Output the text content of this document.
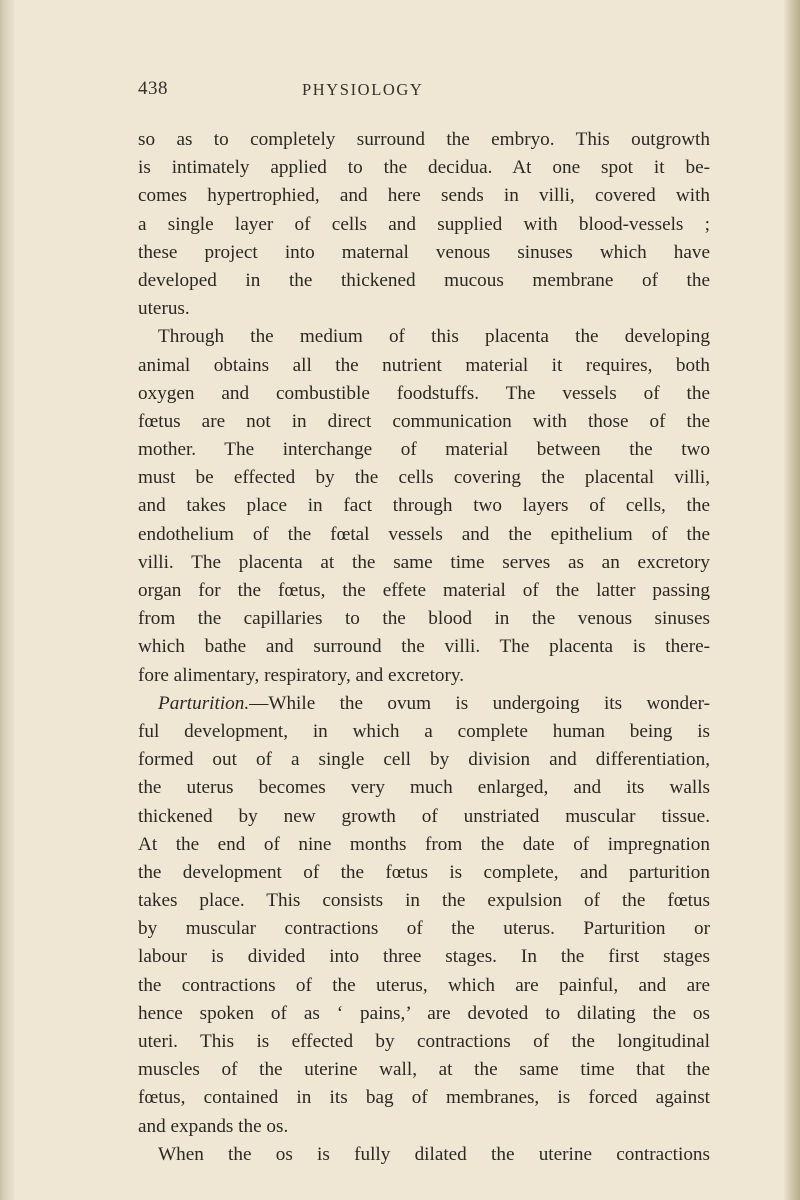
438	PHYSIOLOGY
so as to completely surround the embryo. This outgrowth
is intimately applied to the decidua. At one spot it be-
comes hypertrophied, and here sends in villi, covered with
a single layer of cells and supplied with blood-vessels ;
these project into maternal venous sinuses which have
developed in the thickened mucous membrane of the
uterus.
Through the medium of this placenta the developing
animal obtains all the nutrient material it requires, both
oxygen and combustible foodstuffs. The vessels of the
fœtus are not in direct communication with those of the
mother. The interchange of material between the two
must be effected by the cells covering the placental villi,
and takes place in fact through two layers of cells, the
endothelium of the fœtal vessels and the epithelium of the
villi. The placenta at the same time serves as an excretory
organ for the fœtus, the effete material of the latter passing
from the capillaries to the blood in the venous sinuses
which bathe and surround the villi. The placenta is there-
fore alimentary, respiratory, and excretory.
Parturition.—While the ovum is undergoing its wonder-
ful development, in which a complete human being is
formed out of a single cell by division and differentiation,
the uterus becomes very much enlarged, and its walls
thickened by new growth of unstriated muscular tissue.
At the end of nine months from the date of impregnation
the development of the fœtus is complete, and parturition
takes place. This consists in the expulsion of the fœtus
by muscular contractions of the uterus. Parturition or
labour is divided into three stages. In the first stages
the contractions of the uterus, which are painful, and are
hence spoken of as ‘ pains,’ are devoted to dilating the os
uteri. This is effected by contractions of the longitudinal
muscles of the uterine wall, at the same time that the
fœtus, contained in its bag of membranes, is forced against
and expands the os.
When the os is fully dilated the uterine contractions
